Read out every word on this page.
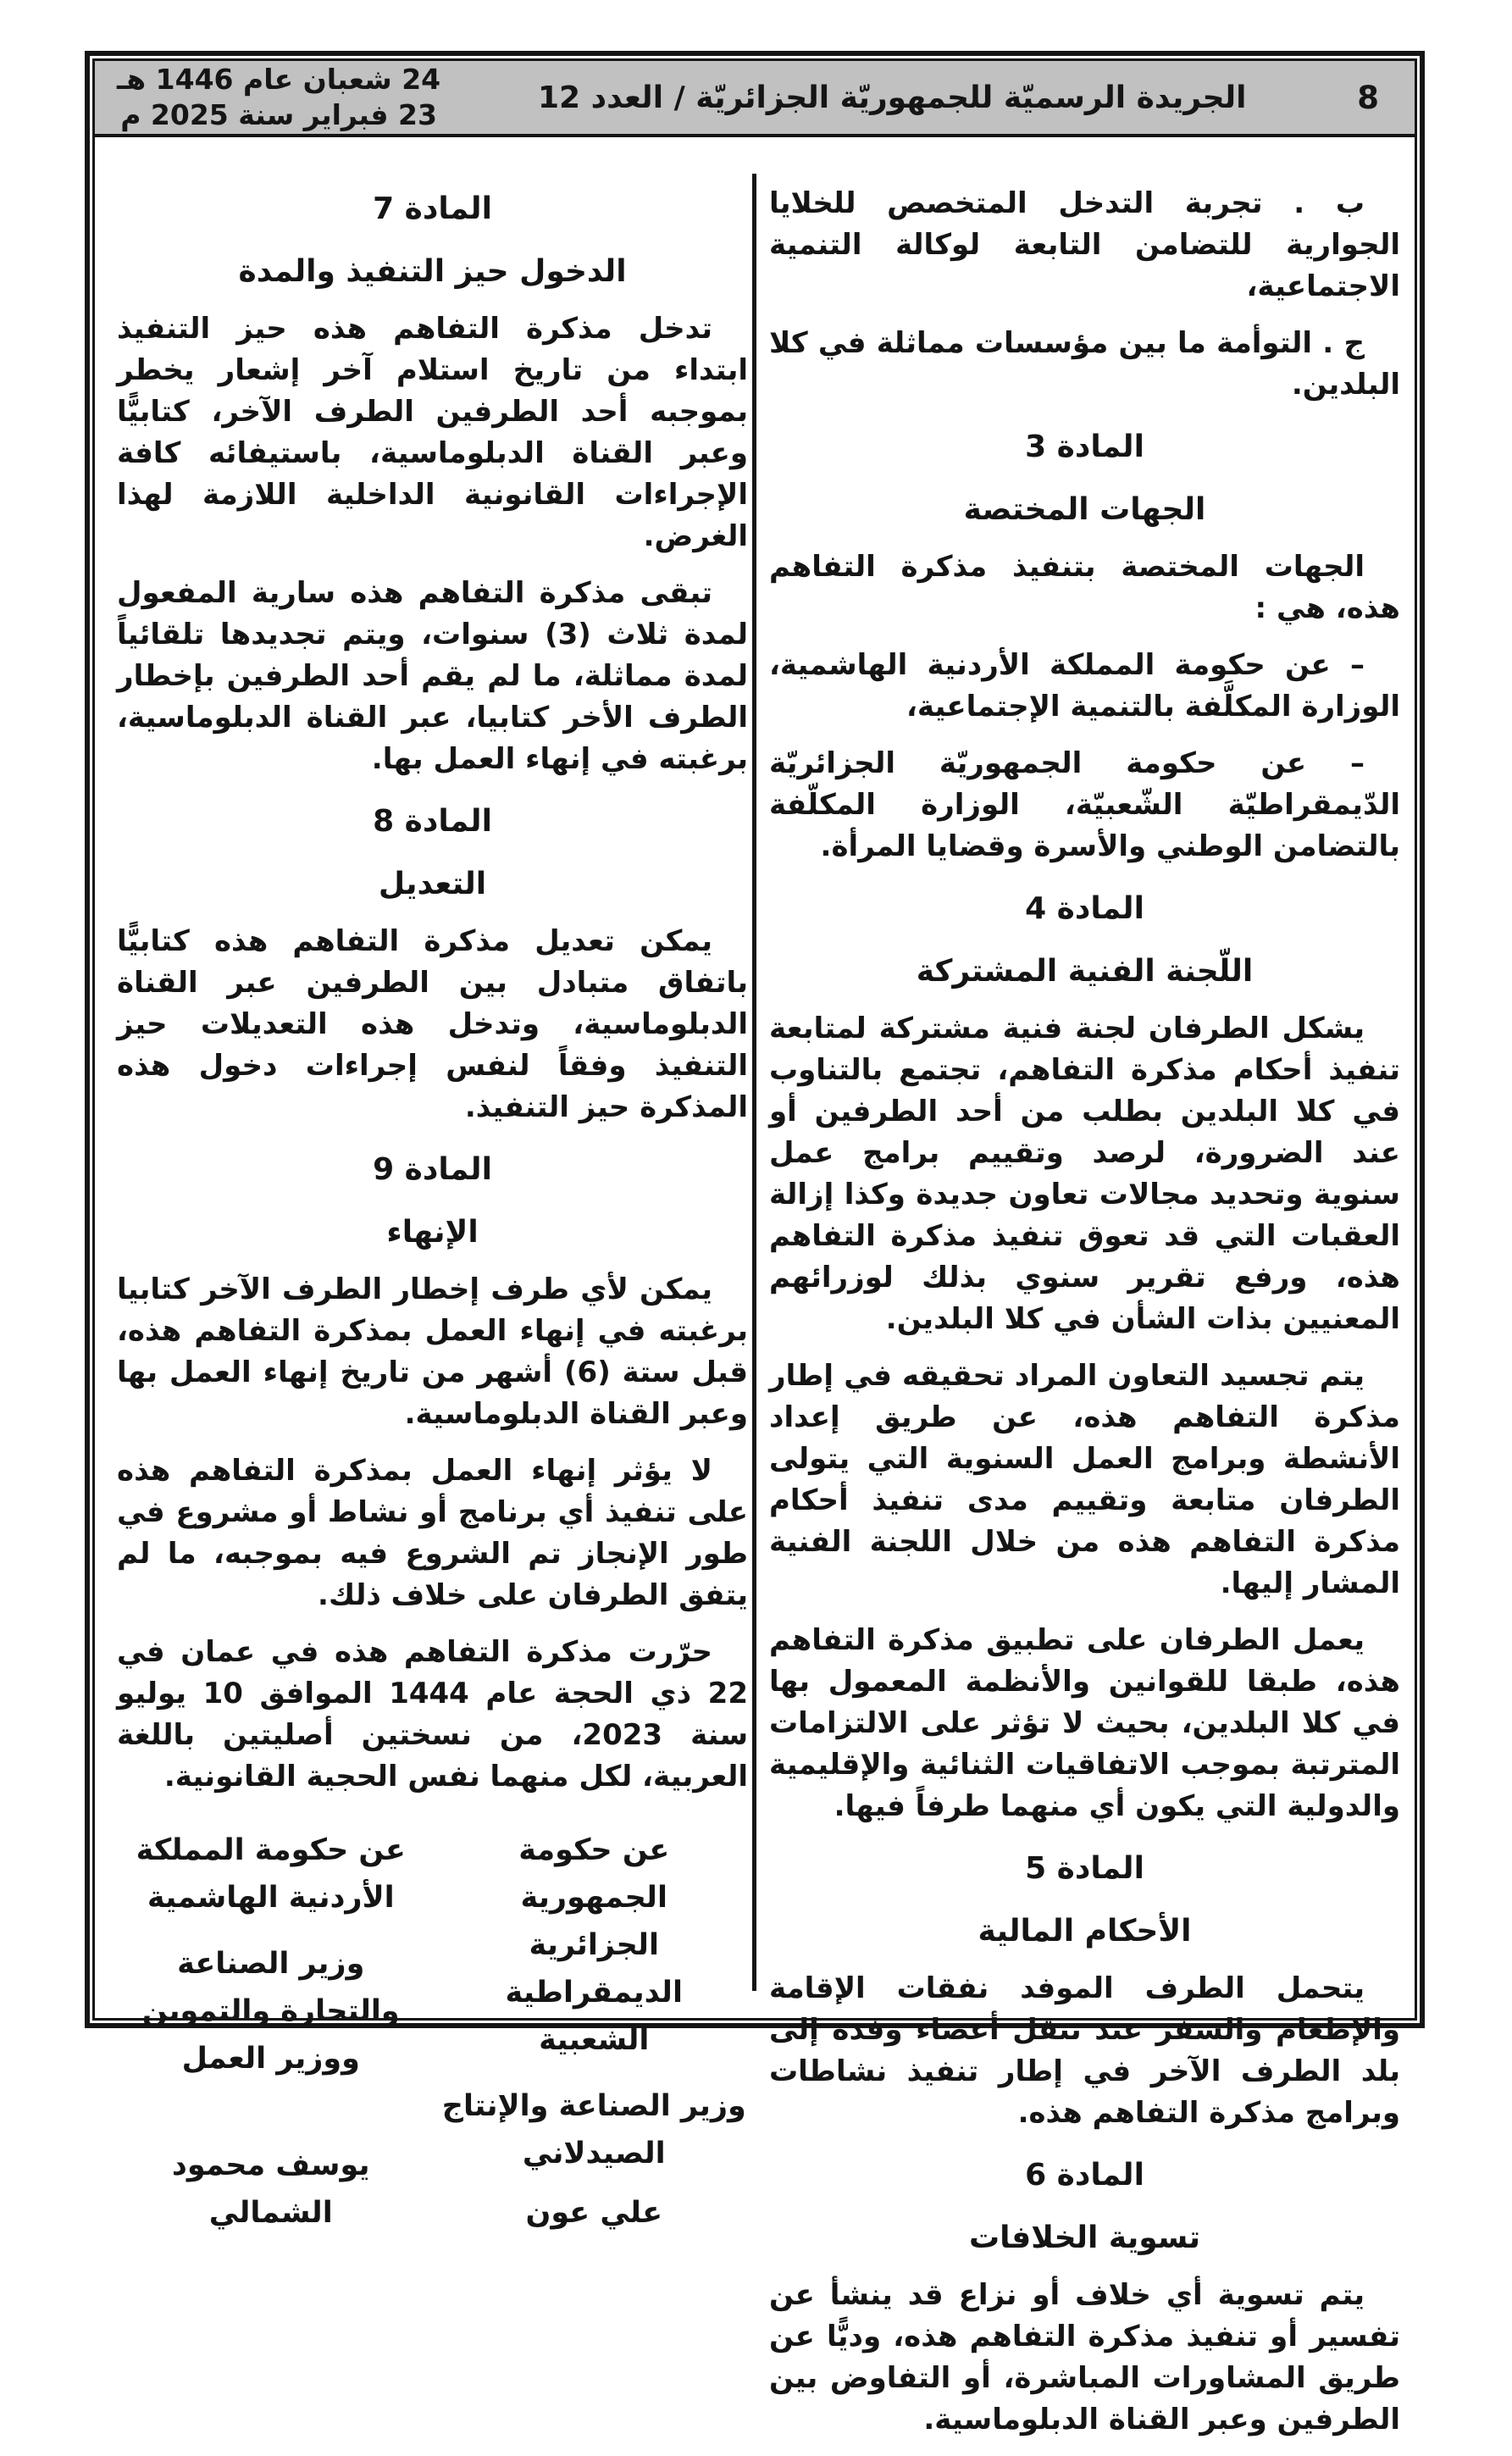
8
الجريدة الرسميّة للجمهوريّة الجزائريّة / العدد 12
24 شعبان عام 1446 هـ
23 فبراير سنة 2025 م
ب . تجربة التدخل المتخصص للخلايا الجوارية للتضامن التابعة لوكالة التنمية الاجتماعية،
ج . التوأمة ما بين مؤسسات مماثلة في كلا البلدين.
المادة 3
الجهات المختصة
الجهات المختصة بتنفيذ مذكرة التفاهم هذه، هي :
– عن حكومة المملكة الأردنية الهاشمية، الوزارة المكلَّفة بالتنمية الإجتماعية،
– عن حكومة الجمهوريّة الجزائريّة الدّيمقراطيّة الشّعبيّة، الوزارة المكلّفة بالتضامن الوطني والأسرة وقضايا المرأة.
المادة 4
اللّجنة الفنية المشتركة
يشكل الطرفان لجنة فنية مشتركة لمتابعة تنفيذ أحكام مذكرة التفاهم، تجتمع بالتناوب في كلا البلدين بطلب من أحد الطرفين أو عند الضرورة، لرصد وتقييم برامج عمل سنوية وتحديد مجالات تعاون جديدة وكذا إزالة العقبات التي قد تعوق تنفيذ مذكرة التفاهم هذه، ورفع تقرير سنوي بذلك لوزرائهم المعنيين بذات الشأن في كلا البلدين.
يتم تجسيد التعاون المراد تحقيقه في إطار مذكرة التفاهم هذه، عن طريق إعداد الأنشطة وبرامج العمل السنوية التي يتولى الطرفان متابعة وتقييم مدى تنفيذ أحكام مذكرة التفاهم هذه من خلال اللجنة الفنية المشار إليها.
يعمل الطرفان على تطبيق مذكرة التفاهم هذه، طبقا للقوانين والأنظمة المعمول بها في كلا البلدين، بحيث لا تؤثر على الالتزامات المترتبة بموجب الاتفاقيات الثنائية والإقليمية والدولية التي يكون أي منهما طرفاً فيها.
المادة 5
الأحكام المالية
يتحمل الطرف الموفد نفقات الإقامة والإطعام والسفر عند تنقل أعضاء وفده إلى بلد الطرف الآخر في إطار تنفيذ نشاطات وبرامج مذكرة التفاهم هذه.
المادة 6
تسوية الخلافات
يتم تسوية أي خلاف أو نزاع قد ينشأ عن تفسير أو تنفيذ مذكرة التفاهم هذه، وديًّا عن طريق المشاورات المباشرة، أو التفاوض بين الطرفين وعبر القناة الدبلوماسية.
المادة 7
الدخول حيز التنفيذ والمدة
تدخل مذكرة التفاهم هذه حيز التنفيذ ابتداء من تاريخ استلام آخر إشعار يخطر بموجبه أحد الطرفين الطرف الآخر، كتابيًّا وعبر القناة الدبلوماسية، باستيفائه كافة الإجراءات القانونية الداخلية اللازمة لهذا الغرض.
تبقى مذكرة التفاهم هذه سارية المفعول لمدة ثلاث (3) سنوات، ويتم تجديدها تلقائياً لمدة مماثلة، ما لم يقم أحد الطرفين بإخطار الطرف الأخر كتابيا، عبر القناة الدبلوماسية، برغبته في إنهاء العمل بها.
المادة 8
التعديل
يمكن تعديل مذكرة التفاهم هذه كتابيًّا باتفاق متبادل بين الطرفين عبر القناة الدبلوماسية، وتدخل هذه التعديلات حيز التنفيذ وفقاً لنفس إجراءات دخول هذه المذكرة حيز التنفيذ.
المادة 9
الإنهاء
يمكن لأي طرف إخطار الطرف الآخر كتابيا برغبته في إنهاء العمل بمذكرة التفاهم هذه، قبل ستة (6) أشهر من تاريخ إنهاء العمل بها وعبر القناة الدبلوماسية.
لا يؤثر إنهاء العمل بمذكرة التفاهم هذه على تنفيذ أي برنامج أو نشاط أو مشروع في طور الإنجاز تم الشروع فيه بموجبه، ما لم يتفق الطرفان على خلاف ذلك.
حرّرت مذكرة التفاهم هذه في عمان في 22 ذي الحجة عام 1444 الموافق 10 يوليو سنة 2023، من نسختين أصليتين باللغة العربية، لكل منهما نفس الحجية القانونية.
عن حكومة الجمهورية
الجزائرية الديمقراطية
الشعبية
وزير الصناعة والإنتاج
الصيدلاني
علي عون
عن حكومة المملكة
الأردنية الهاشمية
وزير الصناعة
والتجارة والتموين
ووزير العمل
يوسف محمود الشمالي
